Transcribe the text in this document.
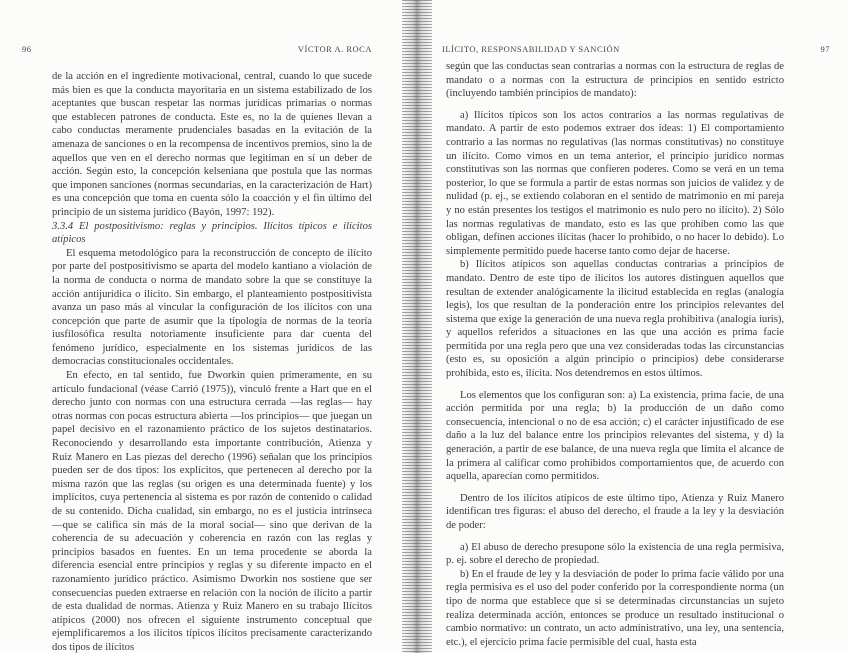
96	VÍCTOR A. ROCA

de la acción en el ingrediente motivacional, central, cuando lo que sucede más bien es que la conducta mayoritaria en un sistema estabilizado de los aceptantes que buscan respetar las normas jurídicas primarias o normas que establecen patrones de conducta. Este es, no la de quienes llevan a cabo conductas meramente prudenciales basadas en la evitación de la amenaza de sanciones o en la recompensa de incentivos premios, sino la de aquellos que ven en el derecho normas que legitiman en sí un deber de acción. Según esto, la concepción kelseniana que postula que las normas que imponen sanciones (normas secundarias, en la caracterización de Hart) es una concepción que toma en cuenta sólo la coacción y el fin último del principio de un sistema jurídico (Bayón, 1997: 192).

3.3.4 El postpositivismo: reglas y principios. Ilícitos típicos e ilícitos atípicos

El esquema metodológico para la reconstrucción de concepto de ilícito por parte del postpositivismo se aparta del modelo kantiano a violación de la norma de conducta o norma de mandato sobre la que se constituye la acción antijurídica o ilícito. Sin embargo, el planteamiento postpositivista avanza un paso más al vincular la configuración de los ilícitos con una concepción que parte de asumir que la tipología de normas de la teoría iusfilosófica resulta notoriamente insuficiente para dar cuenta del fenómeno jurídico, especialmente en los sistemas jurídicos de las democracias constitucionales occidentales.

En efecto, en tal sentido, fue Dworkin quien primeramente, en su artículo fundacional (véase Carrió (1975)), vinculó frente a Hart que en el derecho junto con normas con una estructura cerrada —las reglas— hay otras normas con pocas estructura abierta —los principios— que juegan un papel decisivo en el razonamiento práctico de los sujetos destinatarios. Reconociendo y desarrollando esta importante contribución, Atienza y Ruiz Manero en Las piezas del derecho (1996) señalan que los principios pueden ser de dos tipos: los explícitos, que pertenecen al derecho por la misma razón que las reglas (su origen es una determinada fuente) y los implícitos, cuya pertenencia al sistema es por razón de contenido o calidad de su contenido. Dicha cualidad, sin embargo, no es el justicia intrínseca —que se califica sin más de la moral social— sino que derivan de la coherencia de su adecuación y coherencia en razón con las reglas y principios basados en fuentes. En un tema procedente se aborda la diferencia esencial entre principios y reglas y su diferente impacto en el razonamiento jurídico práctico. Asimismo Dworkin nos sostiene que ser consecuencias pueden extraerse en relación con la noción de ilícito a partir de esta dualidad de normas. Atienza y Ruiz Manero en su trabajo Ilícitos atípicos (2000) nos ofrecen el siguiente instrumento conceptual que ejemplificaremos a los ilícitos típicos ilícitos precisamente caracterizando dos tipos de ilícitos

ILÍCITO, RESPONSABILIDAD Y SANCIÓN	97

según que las conductas sean contrarias a normas con la estructura de reglas de mandato o a normas con la estructura de principios en sentido estricto (incluyendo también principios de mandato):

a) Ilícitos típicos son los actos contrarios a las normas regulativas de mandato. A partir de esto podemos extraer dos ideas: 1) El comportamiento contrario a las normas no regulativas (las normas constitutivas) no constituye un ilícito. Como vimos en un tema anterior, el principio jurídico normas constitutivas son las normas que confieren poderes. Como se verá en un tema posterior, lo que se formula a partir de estas normas son juicios de validez y de nulidad (p. ej., se extiendo colaboran en el sentido de matrimonio en mi pareja y no están presentes los testigos el matrimonio es nulo pero no ilícito). 2) Sólo las normas regulativas de mandato, esto es las que prohíben como las que obligan, definen acciones ilícitas (hacer lo prohibido, o no hacer lo debido). Lo simplemente permitido puede hacerse tanto como dejar de hacerse.

b) Ilícitos atípicos son aquellas conductas contrarias a principios de mandato. Dentro de este tipo de ilícitos los autores distinguen aquellos que resultan de extender analógicamente la ilicitud establecida en reglas (analogía legis), los que resultan de la ponderación entre los principios relevantes del sistema que exige la generación de una nueva regla prohibitiva (analogía iuris), y aquellos referidos a situaciones en las que una acción es prima facie permitida por una regla pero que una vez consideradas todas las circunstancias (esto es, su oposición a algún principio o principios) debe considerarse prohibida, esto es, ilícita. Nos detendremos en estos últimos.

Los elementos que los configuran son: a) La existencia, prima facie, de una acción permitida por una regla; b) la producción de un daño como consecuencia, intencional o no de esa acción; c) el carácter injustificado de ese daño a la luz del balance entre los principios relevantes del sistema, y d) la generación, a partir de ese balance, de una nueva regla que limita el alcance de la primera al calificar como prohibidos comportamientos que, de acuerdo con aquella, aparecían como permitidos.

Dentro de los ilícitos atípicos de este último tipo, Atienza y Ruiz Manero identifican tres figuras: el abuso del derecho, el fraude a la ley y la desviación de poder:

a) El abuso de derecho presupone sólo la existencia de una regla permisiva, p. ej. sobre el derecho de propiedad.

b) En el fraude de ley y la desviación de poder lo prima facie válido por una regla permisiva es el uso del poder conferido por la correspondiente norma (un tipo de norma que establece que si se determinadas circunstancias un sujeto realiza determinada acción, entonces se produce un resultado institucional o cambio normativo: un contrato, un acto administrativo, una ley, una sentencia, etc.), el ejercicio prima facie permisible del cual, hasta esta
